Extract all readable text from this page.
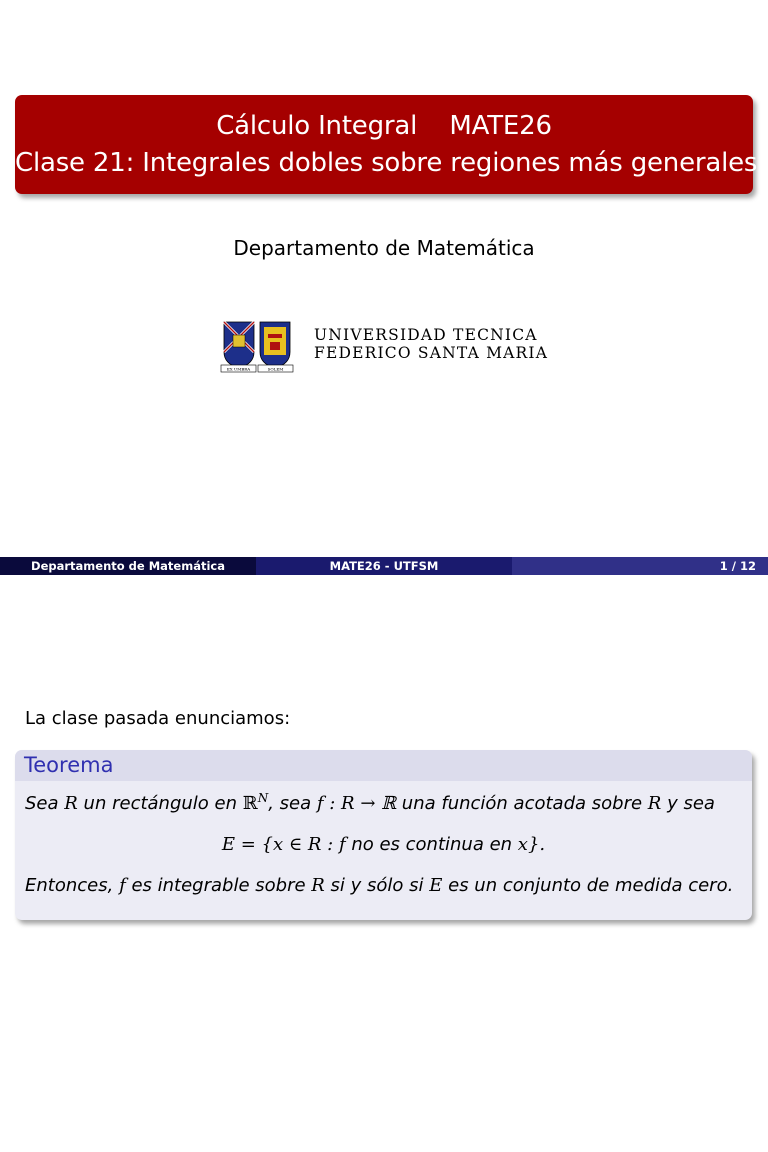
Cálculo Integral    MATE26
Clase 21: Integrales dobles sobre regiones más generales
Departamento de Matemática
EX UMBRA	SOLEM
UNIVERSIDAD TECNICA
FEDERICO SANTA MARIA
Departamento de Matemática	MATE26 - UTFSM	1 / 12
La clase pasada enunciamos:
Teorema
Sea R un rectángulo en ℝ$^N$, sea f : R → ℝ una función acotada sobre R y sea
E = {x ∈ R : f no es continua en x}.
Entonces, f es integrable sobre R si y sólo si E es un conjunto de medida cero.
